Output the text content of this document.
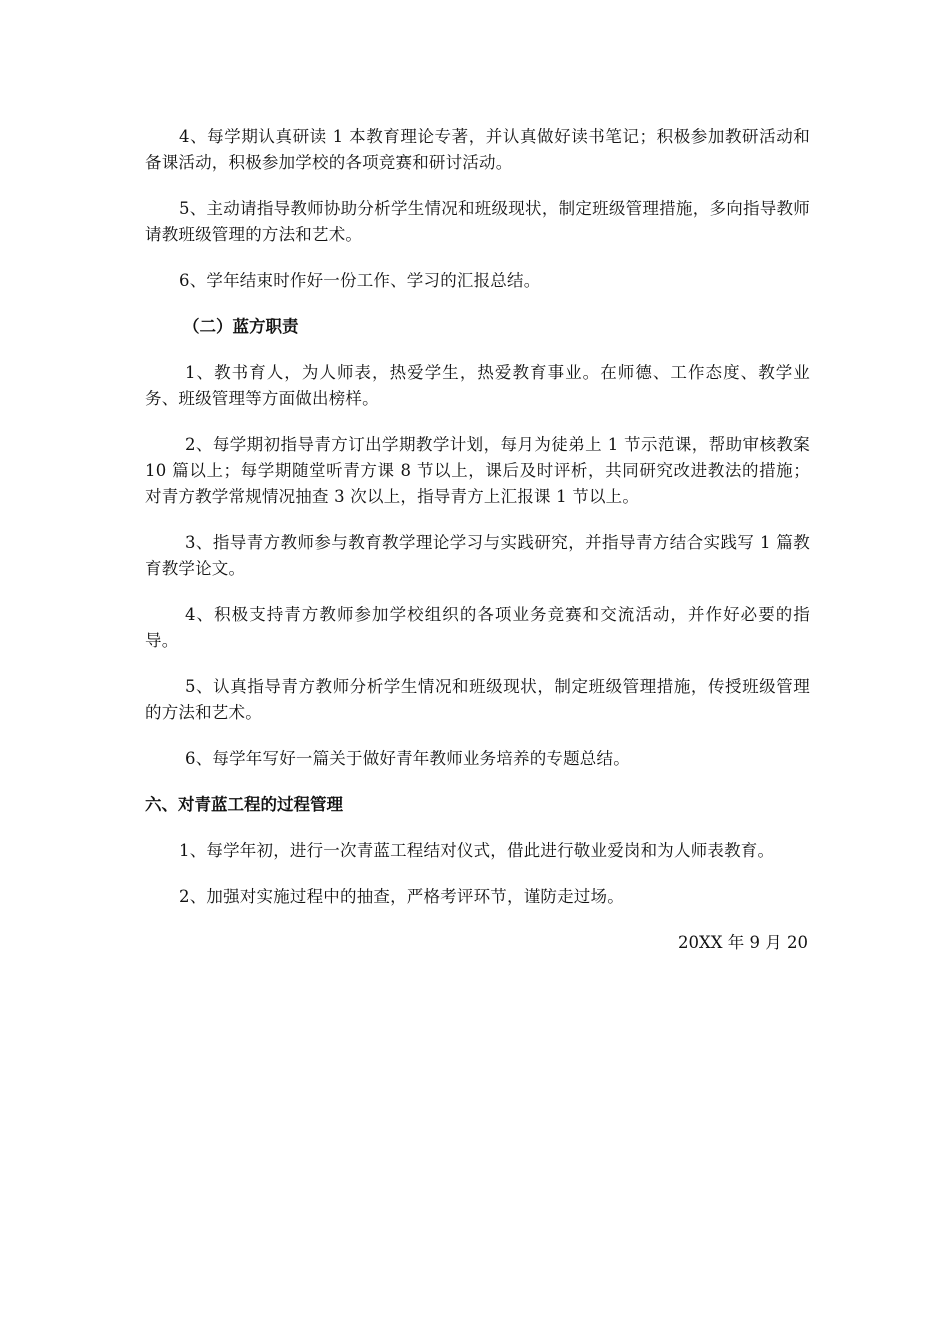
4、每学期认真研读 1 本教育理论专著，并认真做好读书笔记；积极参加教研活动和备课活动，积极参加学校的各项竞赛和研讨活动。

5、主动请指导教师协助分析学生情况和班级现状，制定班级管理措施，多向指导教师请教班级管理的方法和艺术。

6、学年结束时作好一份工作、学习的汇报总结。

（二）蓝方职责

1、教书育人，为人师表，热爱学生，热爱教育事业。在师德、工作态度、教学业务、班级管理等方面做出榜样。

2、每学期初指导青方订出学期教学计划，每月为徒弟上 1 节示范课，帮助审核教案 10 篇以上；每学期随堂听青方课 8 节以上，课后及时评析，共同研究改进教法的措施；对青方教学常规情况抽查 3 次以上，指导青方上汇报课 1 节以上。

3、指导青方教师参与教育教学理论学习与实践研究，并指导青方结合实践写 1 篇教育教学论文。

4、积极支持青方教师参加学校组织的各项业务竞赛和交流活动，并作好必要的指导。

5、认真指导青方教师分析学生情况和班级现状，制定班级管理措施，传授班级管理的方法和艺术。

6、每学年写好一篇关于做好青年教师业务培养的专题总结。

六、对青蓝工程的过程管理

1、每学年初，进行一次青蓝工程结对仪式，借此进行敬业爱岗和为人师表教育。

2、加强对实施过程中的抽查，严格考评环节，谨防走过场。

20XX 年 9 月 20
